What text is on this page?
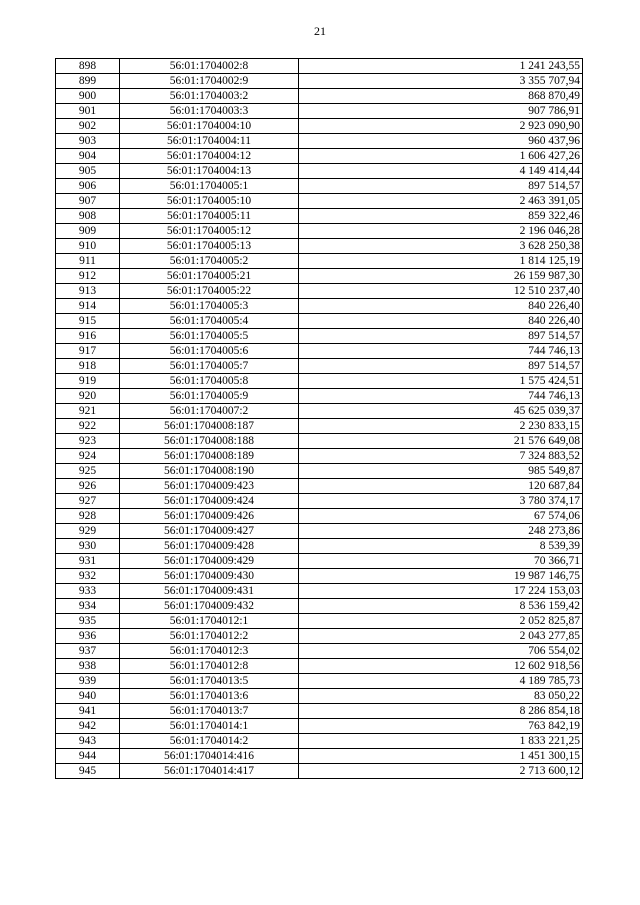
21
898	56:01:1704002:8	1 241 243,55
899	56:01:1704002:9	3 355 707,94
900	56:01:1704003:2	868 870,49
901	56:01:1704003:3	907 786,91
902	56:01:1704004:10	2 923 090,90
903	56:01:1704004:11	960 437,96
904	56:01:1704004:12	1 606 427,26
905	56:01:1704004:13	4 149 414,44
906	56:01:1704005:1	897 514,57
907	56:01:1704005:10	2 463 391,05
908	56:01:1704005:11	859 322,46
909	56:01:1704005:12	2 196 046,28
910	56:01:1704005:13	3 628 250,38
911	56:01:1704005:2	1 814 125,19
912	56:01:1704005:21	26 159 987,30
913	56:01:1704005:22	12 510 237,40
914	56:01:1704005:3	840 226,40
915	56:01:1704005:4	840 226,40
916	56:01:1704005:5	897 514,57
917	56:01:1704005:6	744 746,13
918	56:01:1704005:7	897 514,57
919	56:01:1704005:8	1 575 424,51
920	56:01:1704005:9	744 746,13
921	56:01:1704007:2	45 625 039,37
922	56:01:1704008:187	2 230 833,15
923	56:01:1704008:188	21 576 649,08
924	56:01:1704008:189	7 324 883,52
925	56:01:1704008:190	985 549,87
926	56:01:1704009:423	120 687,84
927	56:01:1704009:424	3 780 374,17
928	56:01:1704009:426	67 574,06
929	56:01:1704009:427	248 273,86
930	56:01:1704009:428	8 539,39
931	56:01:1704009:429	70 366,71
932	56:01:1704009:430	19 987 146,75
933	56:01:1704009:431	17 224 153,03
934	56:01:1704009:432	8 536 159,42
935	56:01:1704012:1	2 052 825,87
936	56:01:1704012:2	2 043 277,85
937	56:01:1704012:3	706 554,02
938	56:01:1704012:8	12 602 918,56
939	56:01:1704013:5	4 189 785,73
940	56:01:1704013:6	83 050,22
941	56:01:1704013:7	8 286 854,18
942	56:01:1704014:1	763 842,19
943	56:01:1704014:2	1 833 221,25
944	56:01:1704014:416	1 451 300,15
945	56:01:1704014:417	2 713 600,12
